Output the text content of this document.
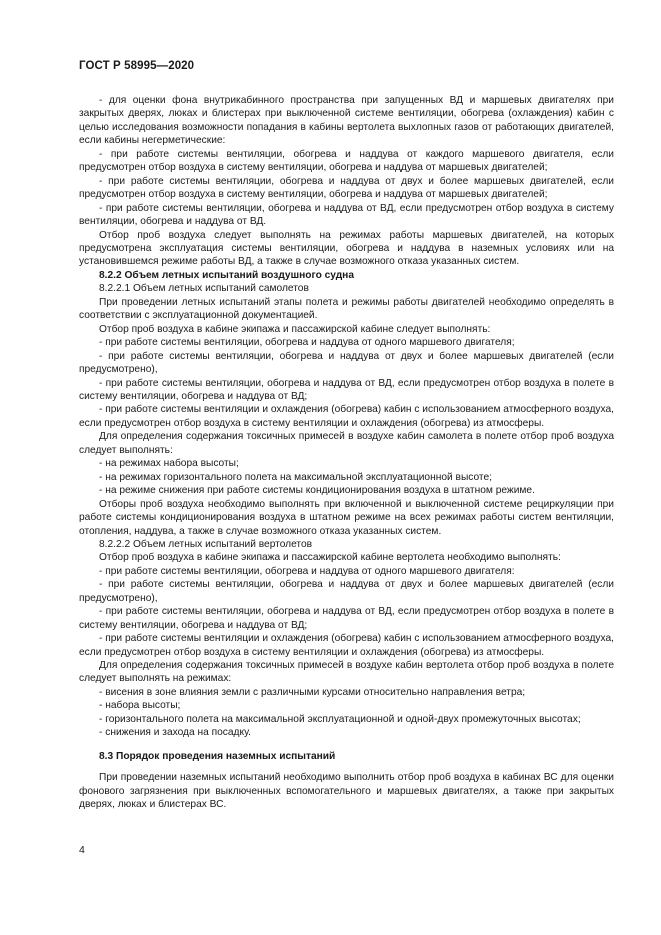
ГОСТ Р 58995—2020

- для оценки фона внутрикабинного пространства при запущенных ВД и маршевых двигателях при закрытых дверях, люках и блистерах при выключенной системе вентиляции, обогрева (охлаждения) кабин с целью исследования возможности попадания в кабины вертолета выхлопных газов от работающих двигателей, если кабины негерметические:

- при работе системы вентиляции, обогрева и наддува от каждого маршевого двигателя, если предусмотрен отбор воздуха в систему вентиляции, обогрева и наддува от маршевых двигателей;

- при работе системы вентиляции, обогрева и наддува от двух и более маршевых двигателей, если предусмотрен отбор воздуха в систему вентиляции, обогрева и наддува от маршевых двигателей;

- при работе системы вентиляции, обогрева и наддува от ВД, если предусмотрен отбор воздуха в систему вентиляции, обогрева и наддува от ВД.

Отбор проб воздуха следует выполнять на режимах работы маршевых двигателей, на которых предусмотрена эксплуатация системы вентиляции, обогрева и наддува в наземных условиях или на установившемся режиме работы ВД, а также в случае возможного отказа указанных систем.

8.2.2 Объем летных испытаний воздушного судна

8.2.2.1 Объем летных испытаний самолетов

При проведении летных испытаний этапы полета и режимы работы двигателей необходимо определять в соответствии с эксплуатационной документацией.

Отбор проб воздуха в кабине экипажа и пассажирской кабине следует выполнять:

- при работе системы вентиляции, обогрева и наддува от одного маршевого двигателя;

- при работе системы вентиляции, обогрева и наддува от двух и более маршевых двигателей (если предусмотрено),

- при работе системы вентиляции, обогрева и наддува от ВД, если предусмотрен отбор воздуха в полете в систему вентиляции, обогрева и наддува от ВД;

- при работе системы вентиляции и охлаждения (обогрева) кабин с использованием атмосферного воздуха, если предусмотрен отбор воздуха в систему вентиляции и охлаждения (обогрева) из атмосферы.

Для определения содержания токсичных примесей в воздухе кабин самолета в полете отбор проб воздуха следует выполнять:

- на режимах набора высоты;

- на режимах горизонтального полета на максимальной эксплуатационной высоте;

- на режиме снижения при работе системы кондиционирования воздуха в штатном режиме.

Отборы проб воздуха необходимо выполнять при включенной и выключенной системе рециркуляции при работе системы кондиционирования воздуха в штатном режиме на всех режимах работы систем вентиляции, отопления, наддува, а также в случае возможного отказа указанных систем.

8.2.2.2 Объем летных испытаний вертолетов

Отбор проб воздуха в кабине экипажа и пассажирской кабине вертолета необходимо выполнять:

- при работе системы вентиляции, обогрева и наддува от одного маршевого двигателя:

- при работе системы вентиляции, обогрева и наддува от двух и более маршевых двигателей (если предусмотрено),

- при работе системы вентиляции, обогрева и наддува от ВД, если предусмотрен отбор воздуха в полете в систему вентиляции, обогрева и наддува от ВД;

- при работе системы вентиляции и охлаждения (обогрева) кабин с использованием атмосферного воздуха, если предусмотрен отбор воздуха в систему вентиляции и охлаждения (обогрева) из атмосферы.

Для определения содержания токсичных примесей в воздухе кабин вертолета отбор проб воздуха в полете следует выполнять на режимах:

- висения в зоне влияния земли с различными курсами относительно направления ветра;

- набора высоты;

- горизонтального полета на максимальной эксплуатационной и одной-двух промежуточных высотах;

- снижения и захода на посадку.

8.3 Порядок проведения наземных испытаний

При проведении наземных испытаний необходимо выполнить отбор проб воздуха в кабинах ВС для оценки фонового загрязнения при выключенных вспомогательного и маршевых двигателях, а также при закрытых дверях, люках и блистерах ВС.

4
